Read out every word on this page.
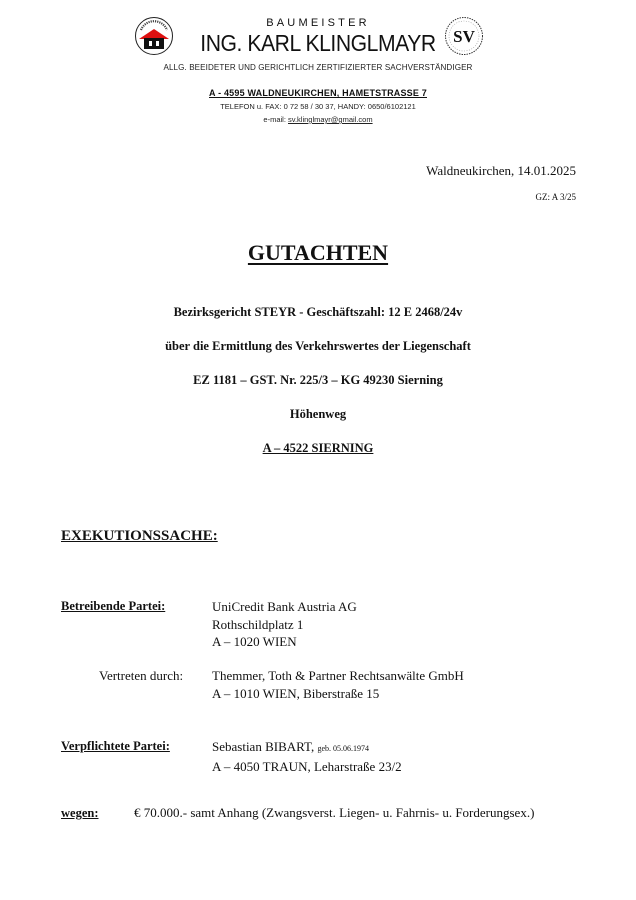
SV
BAUMEISTER
ING. KARL KLINGLMAYR
ALLG. BEEIDETER UND GERICHTLICH ZERTIFIZIERTER SACHVERSTÄNDIGER
A - 4595 WALDNEUKIRCHEN, HAMETSTRASSE 7
TELEFON u. FAX: 0 72 58 / 30 37, HANDY: 0650/6102121
e-mail: sv.klinglmayr@gmail.com
Waldneukirchen, 14.01.2025
GZ: A 3/25
GUTACHTEN
Bezirksgericht STEYR - Geschäftszahl: 12 E 2468/24v
über die Ermittlung des Verkehrswertes der Liegenschaft
EZ 1181 – GST. Nr. 225/3 – KG 49230 Sierning
Höhenweg
A – 4522 SIERNING
EXEKUTIONSSACHE:
Betreibende Partei:	UniCredit Bank Austria AG
Rothschildplatz 1
A – 1020 WIEN
Vertreten durch: Themmer, Toth & Partner Rechtsanwälte GmbH
A – 1010 WIEN, Biberstraße 15
Verpflichtete Partei:	Sebastian BIBART, geb. 05.06.1974
A – 4050 TRAUN, Leharstraße 23/2
wegen:	€ 70.000.- samt Anhang (Zwangsverst. Liegen- u. Fahrnis- u. Forderungsex.)
